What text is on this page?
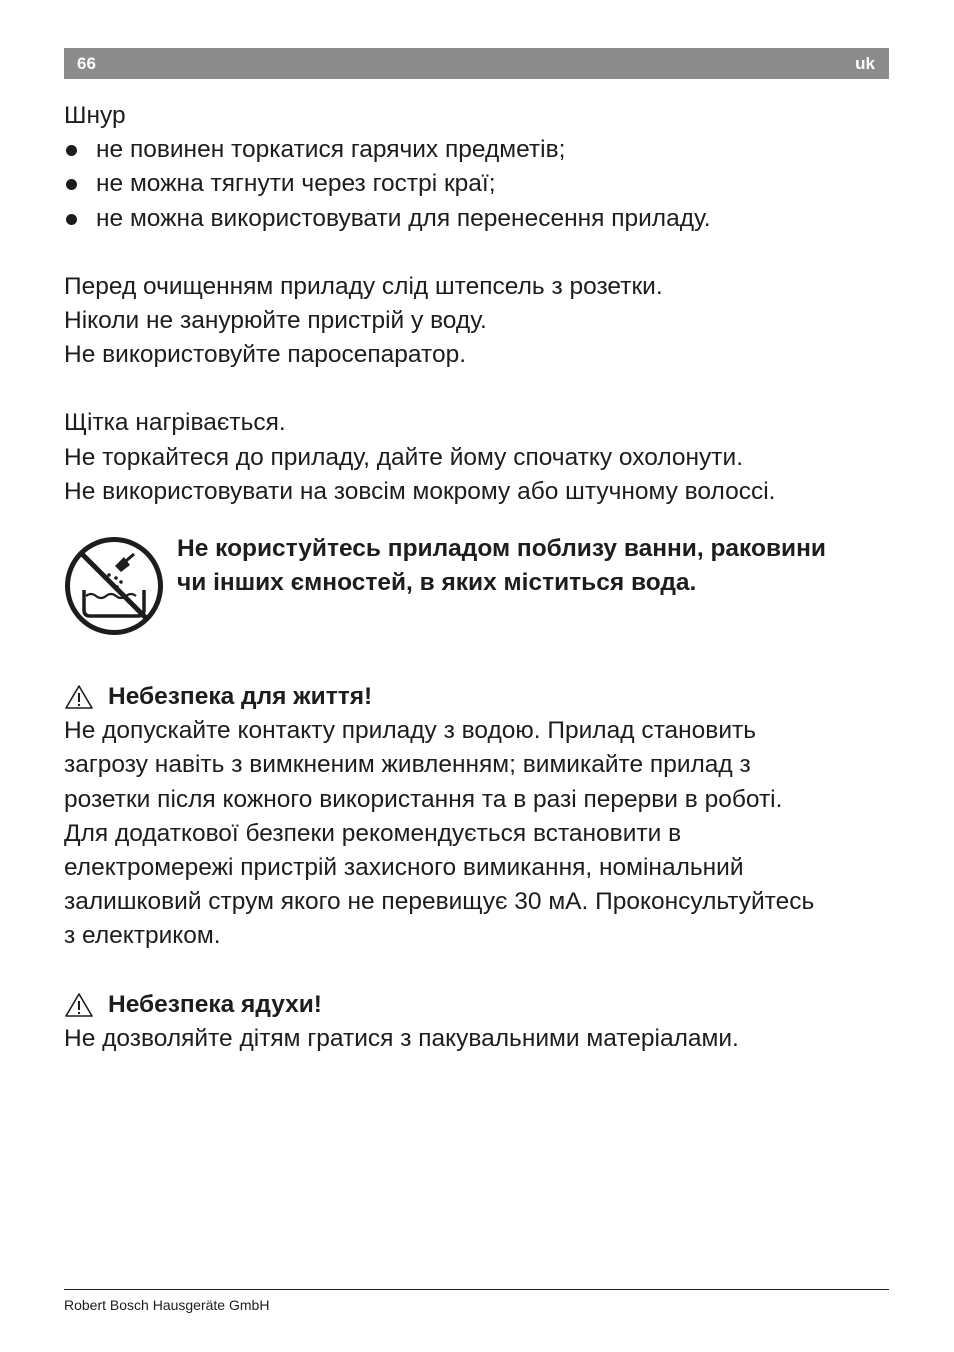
66	uk

Шнур

не повинен торкатися гарячих предметів;
не можна тягнути через гострі краї;
не можна використовувати для перенесення приладу.

Перед очищенням приладу слід штепсель з розетки.

Ніколи не занурюйте пристрій у воду.

Не використовуйте паросепаратор.

Щітка нагрівається.

Не торкайтеся до приладу, дайте йому спочатку охолонути.

Не використовувати на зовсім мокрому або штучному волоссі.

Не користуйтесь приладом поблизу ванни, раковини

чи інших ємностей, в яких міститься вода.

Небезпека для життя!

Не допускайте контакту приладу з водою. Прилад становить

загрозу навіть з вимкненим живленням; вимикайте прилад з

розетки після кожного використання та в разі перерви в роботі.

Для додаткової безпеки рекомендується встановити в

електромережі пристрій захисного вимикання, номінальний

залишковий струм якого не перевищує 30 мА. Проконсультуйтесь

з електриком.

Небезпека ядухи!

Не дозволяйте дітям гратися з пакувальними матеріалами.

Robert Bosch Hausgeräte GmbH
